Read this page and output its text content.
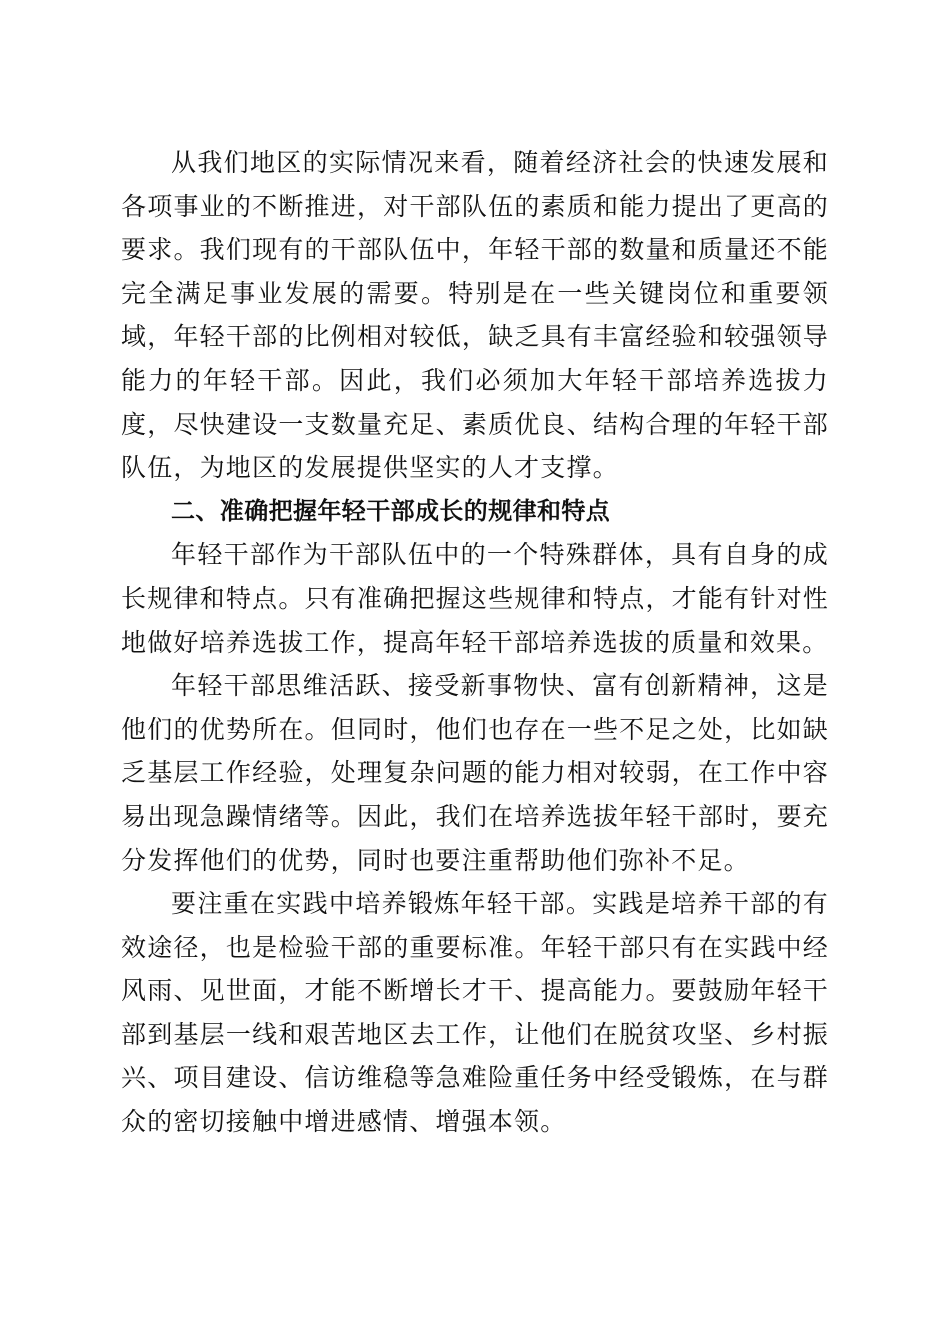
从我们地区的实际情况来看，随着经济社会的快速发展和各项事业的不断推进，对干部队伍的素质和能力提出了更高的要求。我们现有的干部队伍中，年轻干部的数量和质量还不能完全满足事业发展的需要。特别是在一些关键岗位和重要领域，年轻干部的比例相对较低，缺乏具有丰富经验和较强领导能力的年轻干部。因此，我们必须加大年轻干部培养选拔力度，尽快建设一支数量充足、素质优良、结构合理的年轻干部队伍，为地区的发展提供坚实的人才支撑。

二、准确把握年轻干部成长的规律和特点

年轻干部作为干部队伍中的一个特殊群体，具有自身的成长规律和特点。只有准确把握这些规律和特点，才能有针对性地做好培养选拔工作，提高年轻干部培养选拔的质量和效果。

年轻干部思维活跃、接受新事物快、富有创新精神，这是他们的优势所在。但同时，他们也存在一些不足之处，比如缺乏基层工作经验，处理复杂问题的能力相对较弱，在工作中容易出现急躁情绪等。因此，我们在培养选拔年轻干部时，要充分发挥他们的优势，同时也要注重帮助他们弥补不足。

要注重在实践中培养锻炼年轻干部。实践是培养干部的有效途径，也是检验干部的重要标准。年轻干部只有在实践中经风雨、见世面，才能不断增长才干、提高能力。要鼓励年轻干部到基层一线和艰苦地区去工作，让他们在脱贫攻坚、乡村振兴、项目建设、信访维稳等急难险重任务中经受锻炼，在与群众的密切接触中增进感情、增强本领。
